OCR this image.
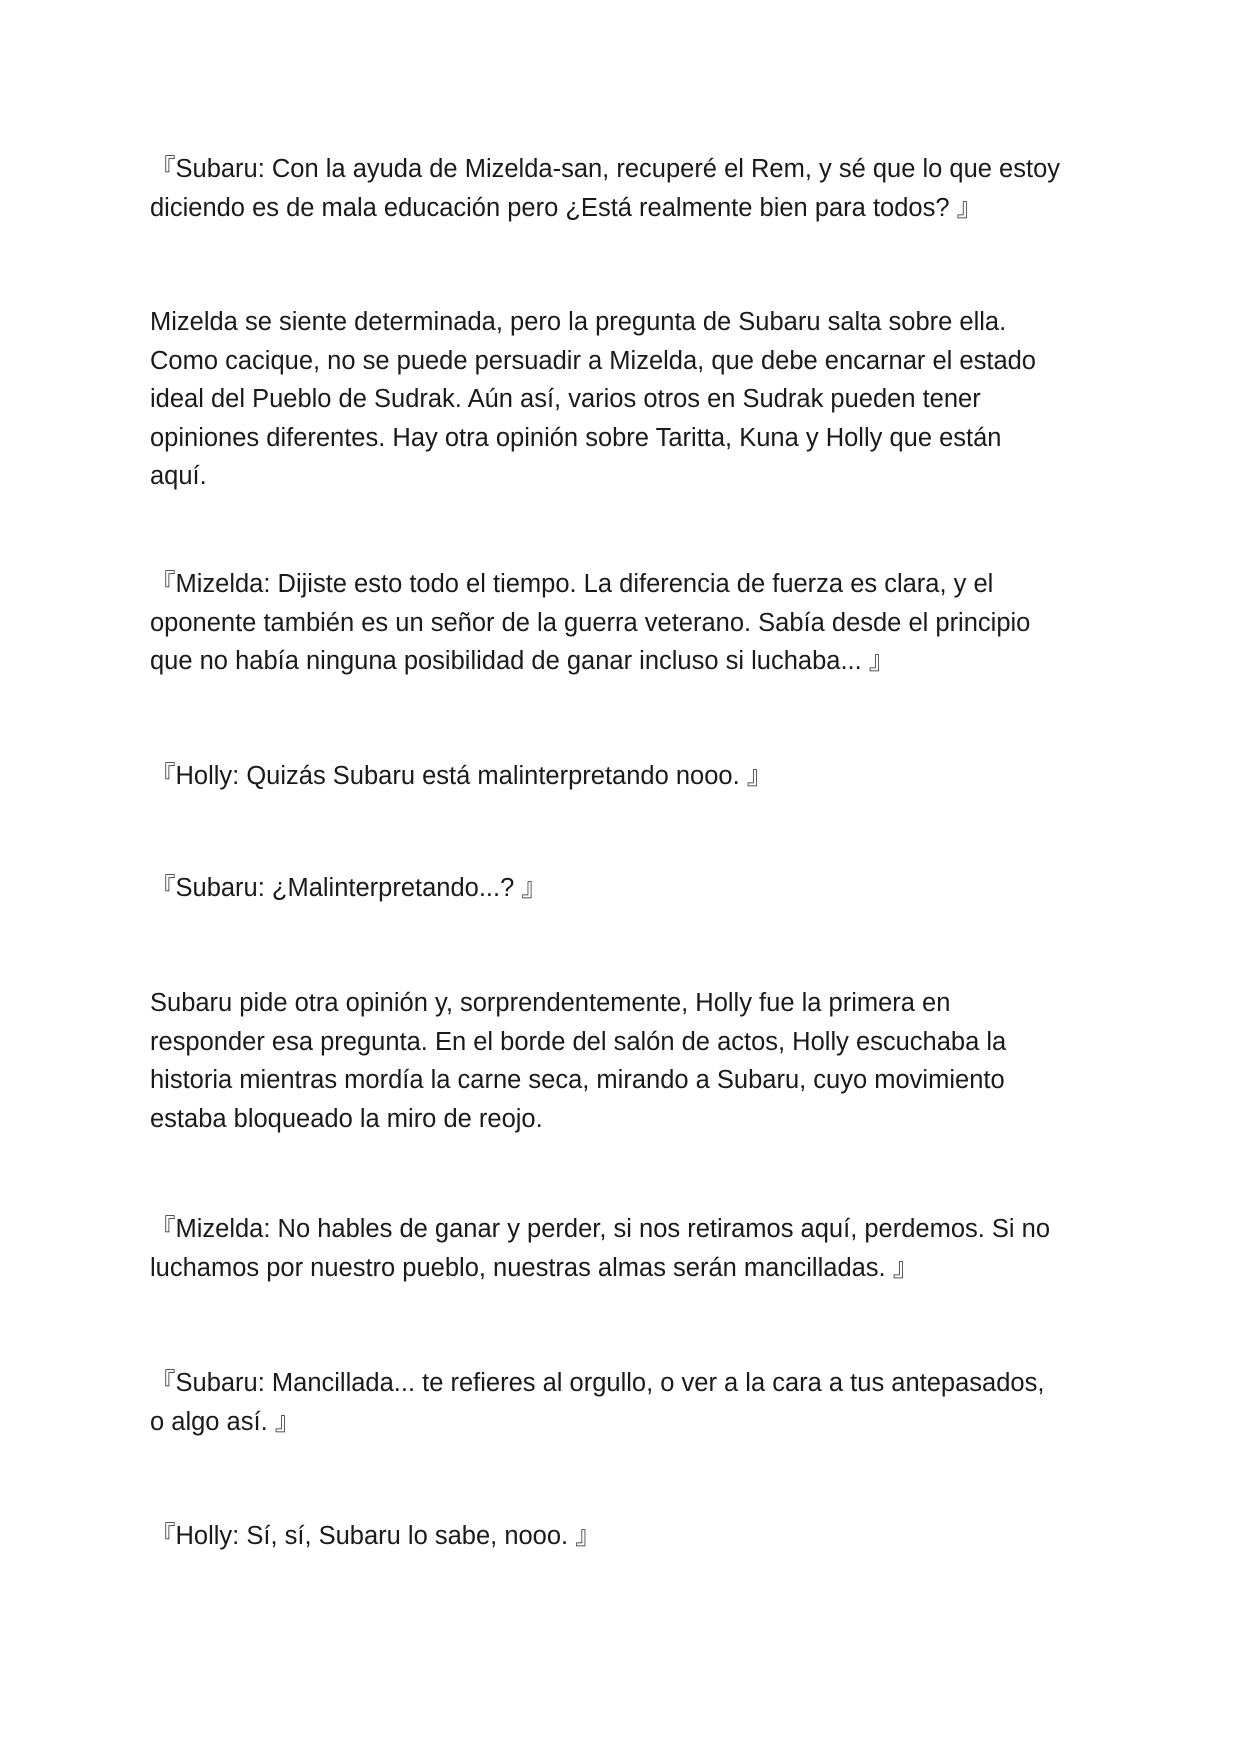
『Subaru: Con la ayuda de Mizelda-san, recuperé el Rem, y sé que lo que estoy
diciendo es de mala educación pero ¿Está realmente bien para todos? 』

Mizelda se siente determinada, pero la pregunta de Subaru salta sobre ella.
Como cacique, no se puede persuadir a Mizelda, que debe encarnar el estado
ideal del Pueblo de Sudrak. Aún así, varios otros en Sudrak pueden tener
opiniones diferentes. Hay otra opinión sobre Taritta, Kuna y Holly que están
aquí.

『Mizelda: Dijiste esto todo el tiempo. La diferencia de fuerza es clara, y el
oponente también es un señor de la guerra veterano. Sabía desde el principio
que no había ninguna posibilidad de ganar incluso si luchaba... 』

『Holly: Quizás Subaru está malinterpretando nooo. 』

『Subaru: ¿Malinterpretando...? 』

Subaru pide otra opinión y, sorprendentemente, Holly fue la primera en
responder esa pregunta. En el borde del salón de actos, Holly escuchaba la
historia mientras mordía la carne seca, mirando a Subaru, cuyo movimiento
estaba bloqueado la miro de reojo.

『Mizelda: No hables de ganar y perder, si nos retiramos aquí, perdemos. Si no
luchamos por nuestro pueblo, nuestras almas serán mancilladas. 』

『Subaru: Mancillada... te refieres al orgullo, o ver a la cara a tus antepasados,
o algo así. 』

『Holly: Sí, sí, Subaru lo sabe, nooo. 』
